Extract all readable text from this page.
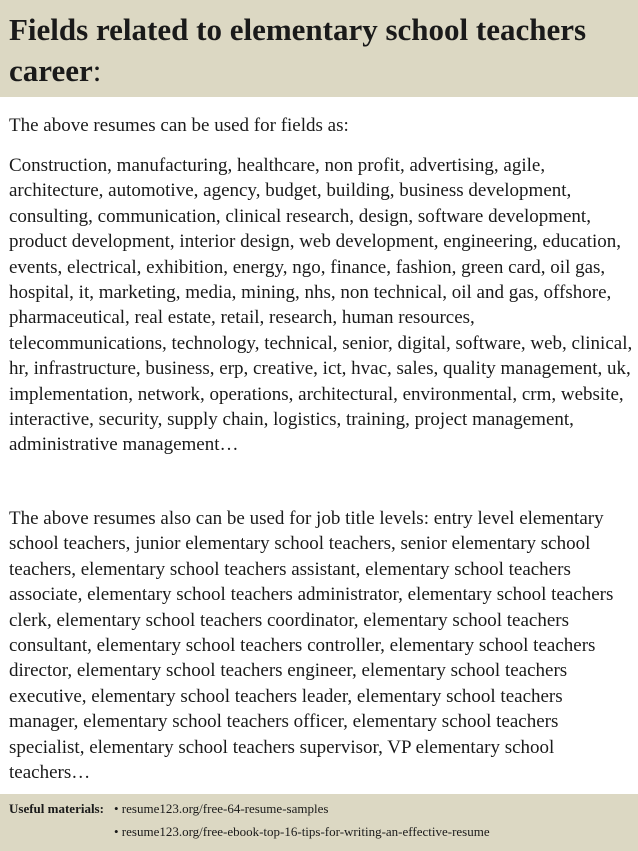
Fields related to elementary school teachers career:

The above resumes can be used for fields as:

Construction, manufacturing, healthcare, non profit, advertising, agile, architecture, automotive, agency, budget, building, business development, consulting, communication, clinical research, design, software development, product development, interior design, web development, engineering, education, events, electrical, exhibition, energy, ngo, finance, fashion, green card, oil gas, hospital, it, marketing, media, mining, nhs, non technical, oil and gas, offshore, pharmaceutical, real estate, retail, research, human resources, telecommunications, technology, technical, senior, digital, software, web, clinical, hr, infrastructure, business, erp, creative, ict, hvac, sales, quality management, uk, implementation, network, operations, architectural, environmental, crm, website, interactive, security, supply chain, logistics, training, project management, administrative management…

The above resumes also can be used for job title levels: entry level elementary school teachers, junior elementary school teachers, senior elementary school teachers, elementary school teachers assistant, elementary school teachers associate, elementary school teachers administrator, elementary school teachers clerk, elementary school teachers coordinator, elementary school teachers consultant, elementary school teachers controller, elementary school teachers director, elementary school teachers engineer, elementary school teachers executive, elementary school teachers leader, elementary school teachers manager, elementary school teachers officer, elementary school teachers specialist, elementary school teachers supervisor, VP elementary school teachers…

Useful materials: • resume123.org/free-64-resume-samples
• resume123.org/free-ebook-top-16-tips-for-writing-an-effective-resume
